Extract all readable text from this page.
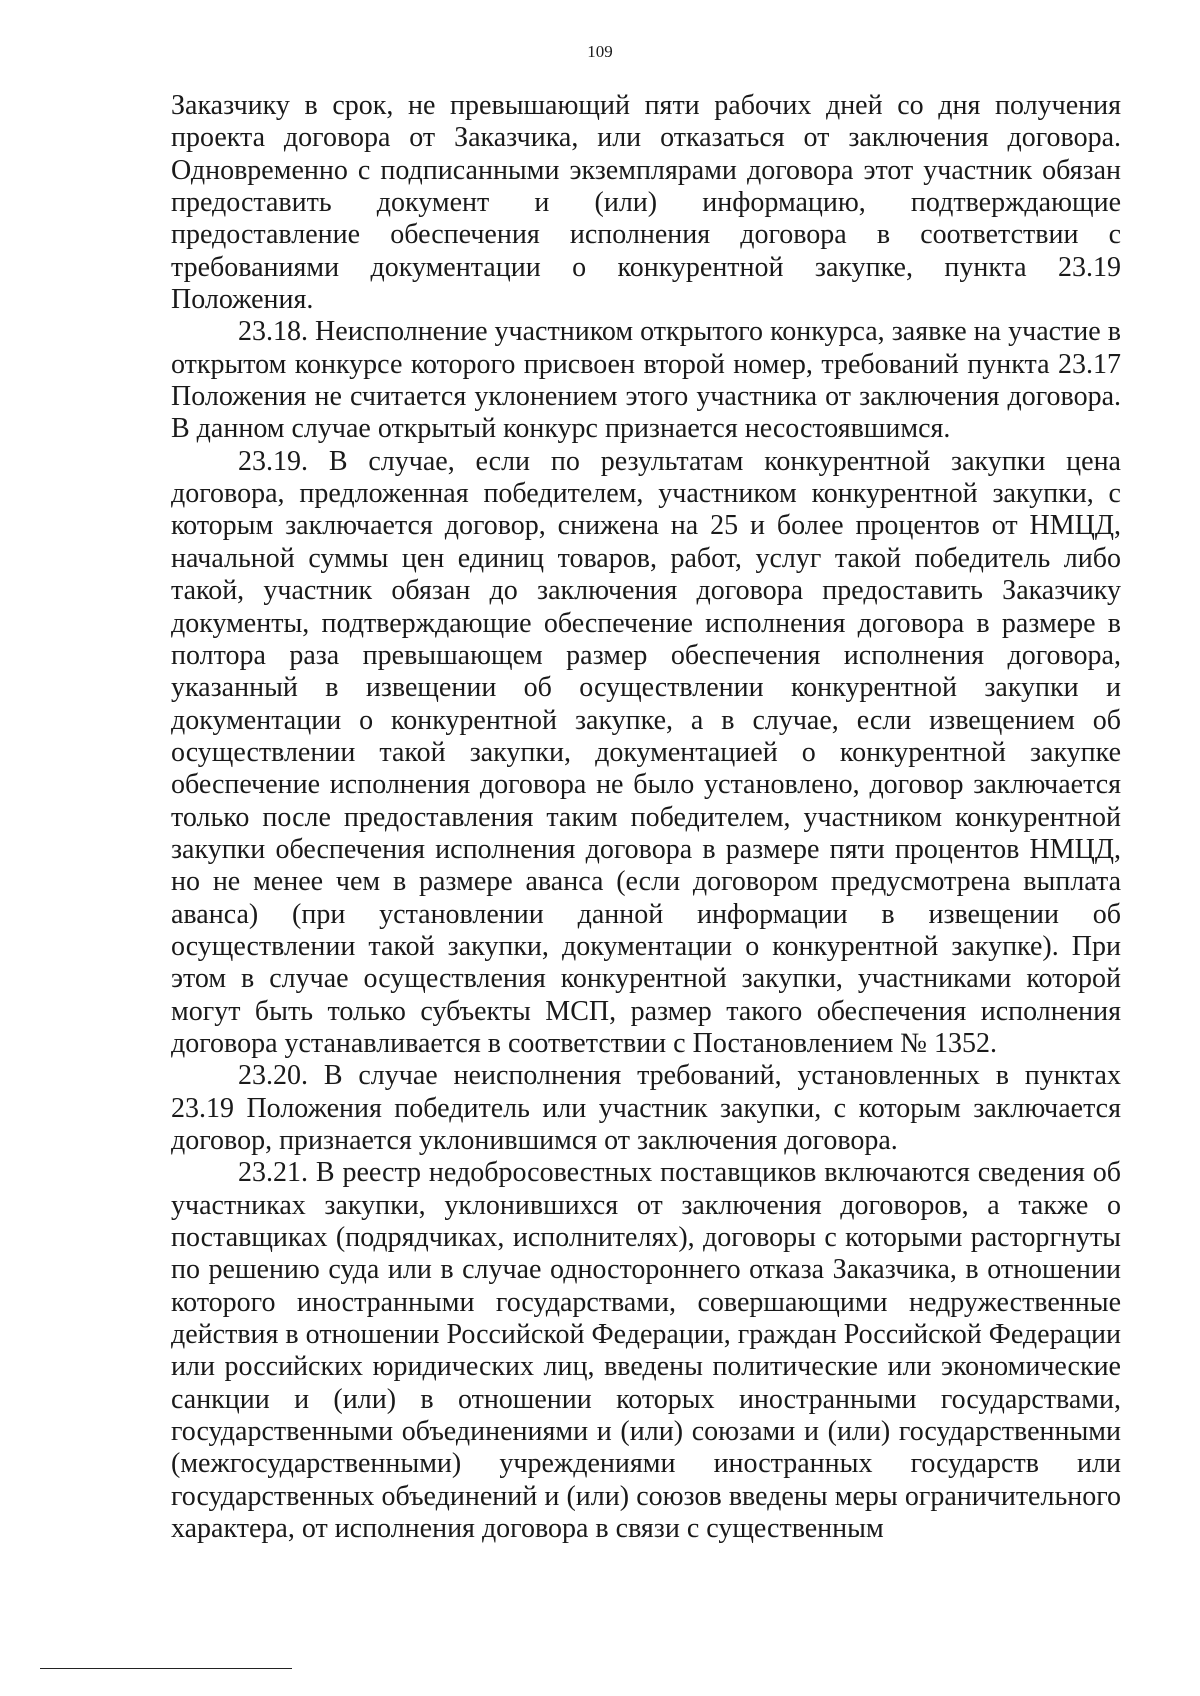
109

Заказчику в срок, не превышающий пяти рабочих дней со дня получения проекта договора от Заказчика, или отказаться от заключения договора. Одновременно с подписанными экземплярами договора этот участник обязан предоставить документ и (или) информацию, подтверждающие предоставление обеспечения исполнения договора в соответствии с требованиями документации о конкурентной закупке, пункта 23.19 Положения.

23.18. Неисполнение участником открытого конкурса, заявке на участие в открытом конкурсе которого присвоен второй номер, требований пункта 23.17 Положения не считается уклонением этого участника от заключения договора. В данном случае открытый конкурс признается несостоявшимся.

23.19. В случае, если по результатам конкурентной закупки цена договора, предложенная победителем, участником конкурентной закупки, с которым заключается договор, снижена на 25 и более процентов от НМЦД, начальной суммы цен единиц товаров, работ, услуг такой победитель либо такой, участник обязан до заключения договора предоставить Заказчику документы, подтверждающие обеспечение исполнения договора в размере в полтора раза превышающем размер обеспечения исполнения договора, указанный в извещении об осуществлении конкурентной закупки и документации о конкурентной закупке, а в случае, если извещением об осуществлении такой закупки, документацией о конкурентной закупке обеспечение исполнения договора не было установлено, договор заключается только после предоставления таким победителем, участником конкурентной закупки обеспечения исполнения договора в размере пяти процентов НМЦД, но не менее чем в размере аванса (если договором предусмотрена выплата аванса) (при установлении данной информации в извещении об осуществлении такой закупки, документации о конкурентной закупке). При этом в случае осуществления конкурентной закупки, участниками которой могут быть только субъекты МСП, размер такого обеспечения исполнения договора устанавливается в соответствии с Постановлением № 1352.

23.20. В случае неисполнения требований, установленных в пунктах 23.19 Положения победитель или участник закупки, с которым заключается договор, признается уклонившимся от заключения договора.

23.21. В реестр недобросовестных поставщиков включаются сведения об участниках закупки, уклонившихся от заключения договоров, а также о поставщиках (подрядчиках, исполнителях), договоры с которыми расторгнуты по решению суда или в случае одностороннего отказа Заказчика, в отношении которого иностранными государствами, совершающими недружественные действия в отношении Российской Федерации, граждан Российской Федерации или российских юридических лиц, введены политические или экономические санкции и (или) в отношении которых иностранными государствами, государственными объединениями и (или) союзами и (или) государственными (межгосударственными) учреждениями иностранных государств или государственных объединений и (или) союзов введены меры ограничительного характера, от исполнения договора в связи с существенным
